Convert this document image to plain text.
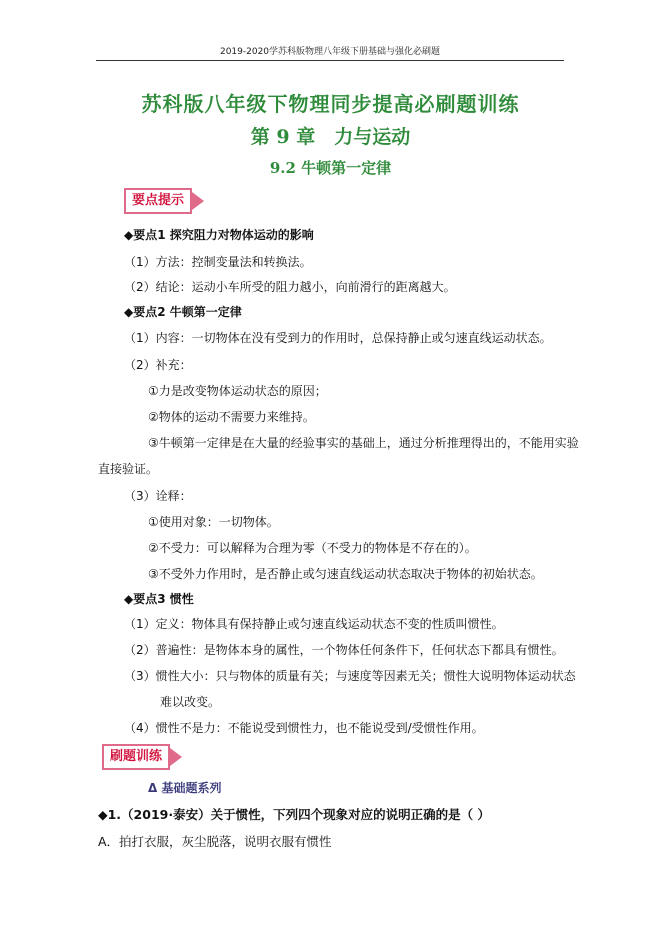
2019-2020学苏科版物理八年级下册基础与强化必刷题
苏科版八年级下物理同步提高必刷题训练
第 9 章　力与运动
9.2 牛顿第一定律
要点提示
◆要点1 探究阻力对物体运动的影响
（1）方法：控制变量法和转换法。
（2）结论：运动小车所受的阻力越小，向前滑行的距离越大。
◆要点2 牛顿第一定律
（1）内容：一切物体在没有受到力的作用时，总保持静止或匀速直线运动状态。
（2）补充：
①力是改变物体运动状态的原因；
②物体的运动不需要力来维持。
③牛顿第一定律是在大量的经验事实的基础上，通过分析推理得出的，不能用实验
直接验证。
（3）诠释：
①使用对象：一切物体。
②不受力：可以解释为合理为零（不受力的物体是不存在的）。
③不受外力作用时，是否静止或匀速直线运动状态取决于物体的初始状态。
◆要点3 惯性
（1）定义：物体具有保持静止或匀速直线运动状态不变的性质叫惯性。
（2）普遍性：是物体本身的属性，一个物体任何条件下，任何状态下都具有惯性。
（3）惯性大小：只与物体的质量有关；与速度等因素无关；惯性大说明物体运动状态
难以改变。
（4）惯性不是力：不能说受到惯性力，也不能说受到/受惯性作用。
刷题训练
Δ 基础题系列
◆1.（2019·泰安）关于惯性，下列四个现象对应的说明正确的是（ ）
A．拍打衣服，灰尘脱落，说明衣服有惯性
